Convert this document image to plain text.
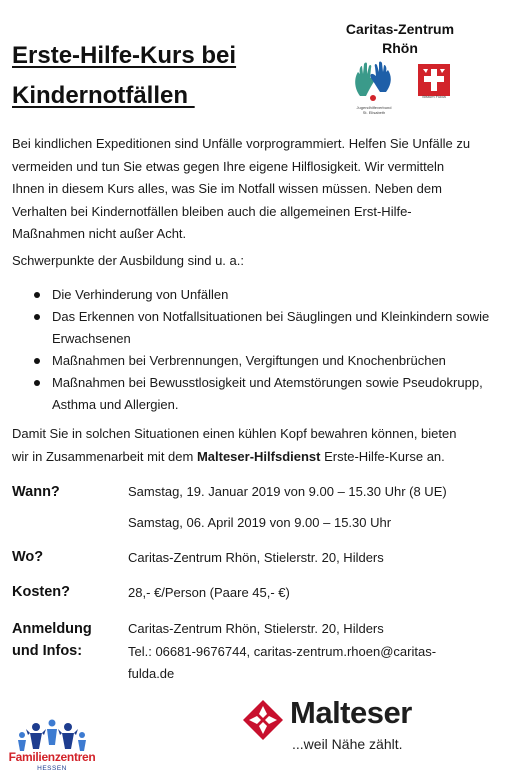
Erste-Hilfe-Kurs bei
Kindernotfällen
Caritas-Zentrum
Rhön
Jugendhilfeverbund
St. Elisabeth
Bistum Fulda
Bei kindlichen Expeditionen sind Unfälle vorprogrammiert. Helfen Sie Unfälle zu
vermeiden und tun Sie etwas gegen Ihre eigene Hilflosigkeit. Wir vermitteln
Ihnen in diesem Kurs alles, was Sie im Notfall wissen müssen. Neben dem
Verhalten bei Kindernotfällen bleiben auch die allgemeinen Erst-Hilfe-
Maßnahmen nicht außer Acht.
Schwerpunkte der Ausbildung sind u. a.:
Die Verhinderung von Unfällen
Das Erkennen von Notfallsituationen bei Säuglingen und Kleinkindern sowie Erwachsenen
Maßnahmen bei Verbrennungen, Vergiftungen und Knochenbrüchen
Maßnahmen bei Bewusstlosigkeit und Atemstörungen sowie Pseudokrupp, Asthma und Allergien.
Damit Sie in solchen Situationen einen kühlen Kopf bewahren können, bieten
wir in Zusammenarbeit mit dem Malteser-Hilfsdienst Erste-Hilfe-Kurse an.
Wann?	Samstag, 19. Januar 2019 von 9.00 – 15.30 Uhr (8 UE)
Samstag, 06. April 2019 von 9.00 – 15.30 Uhr
Wo?	Caritas-Zentrum Rhön, Stielerstr. 20, Hilders
Kosten?	28,- €/Person (Paare 45,- €)
Anmeldung
und Infos:
Caritas-Zentrum Rhön, Stielerstr. 20, Hilders
Tel.: 06681-9676744, caritas-zentrum.rhoen@caritas-
fulda.de
Familienzentren
HESSEN
Malteser
...weil Nähe zählt.
